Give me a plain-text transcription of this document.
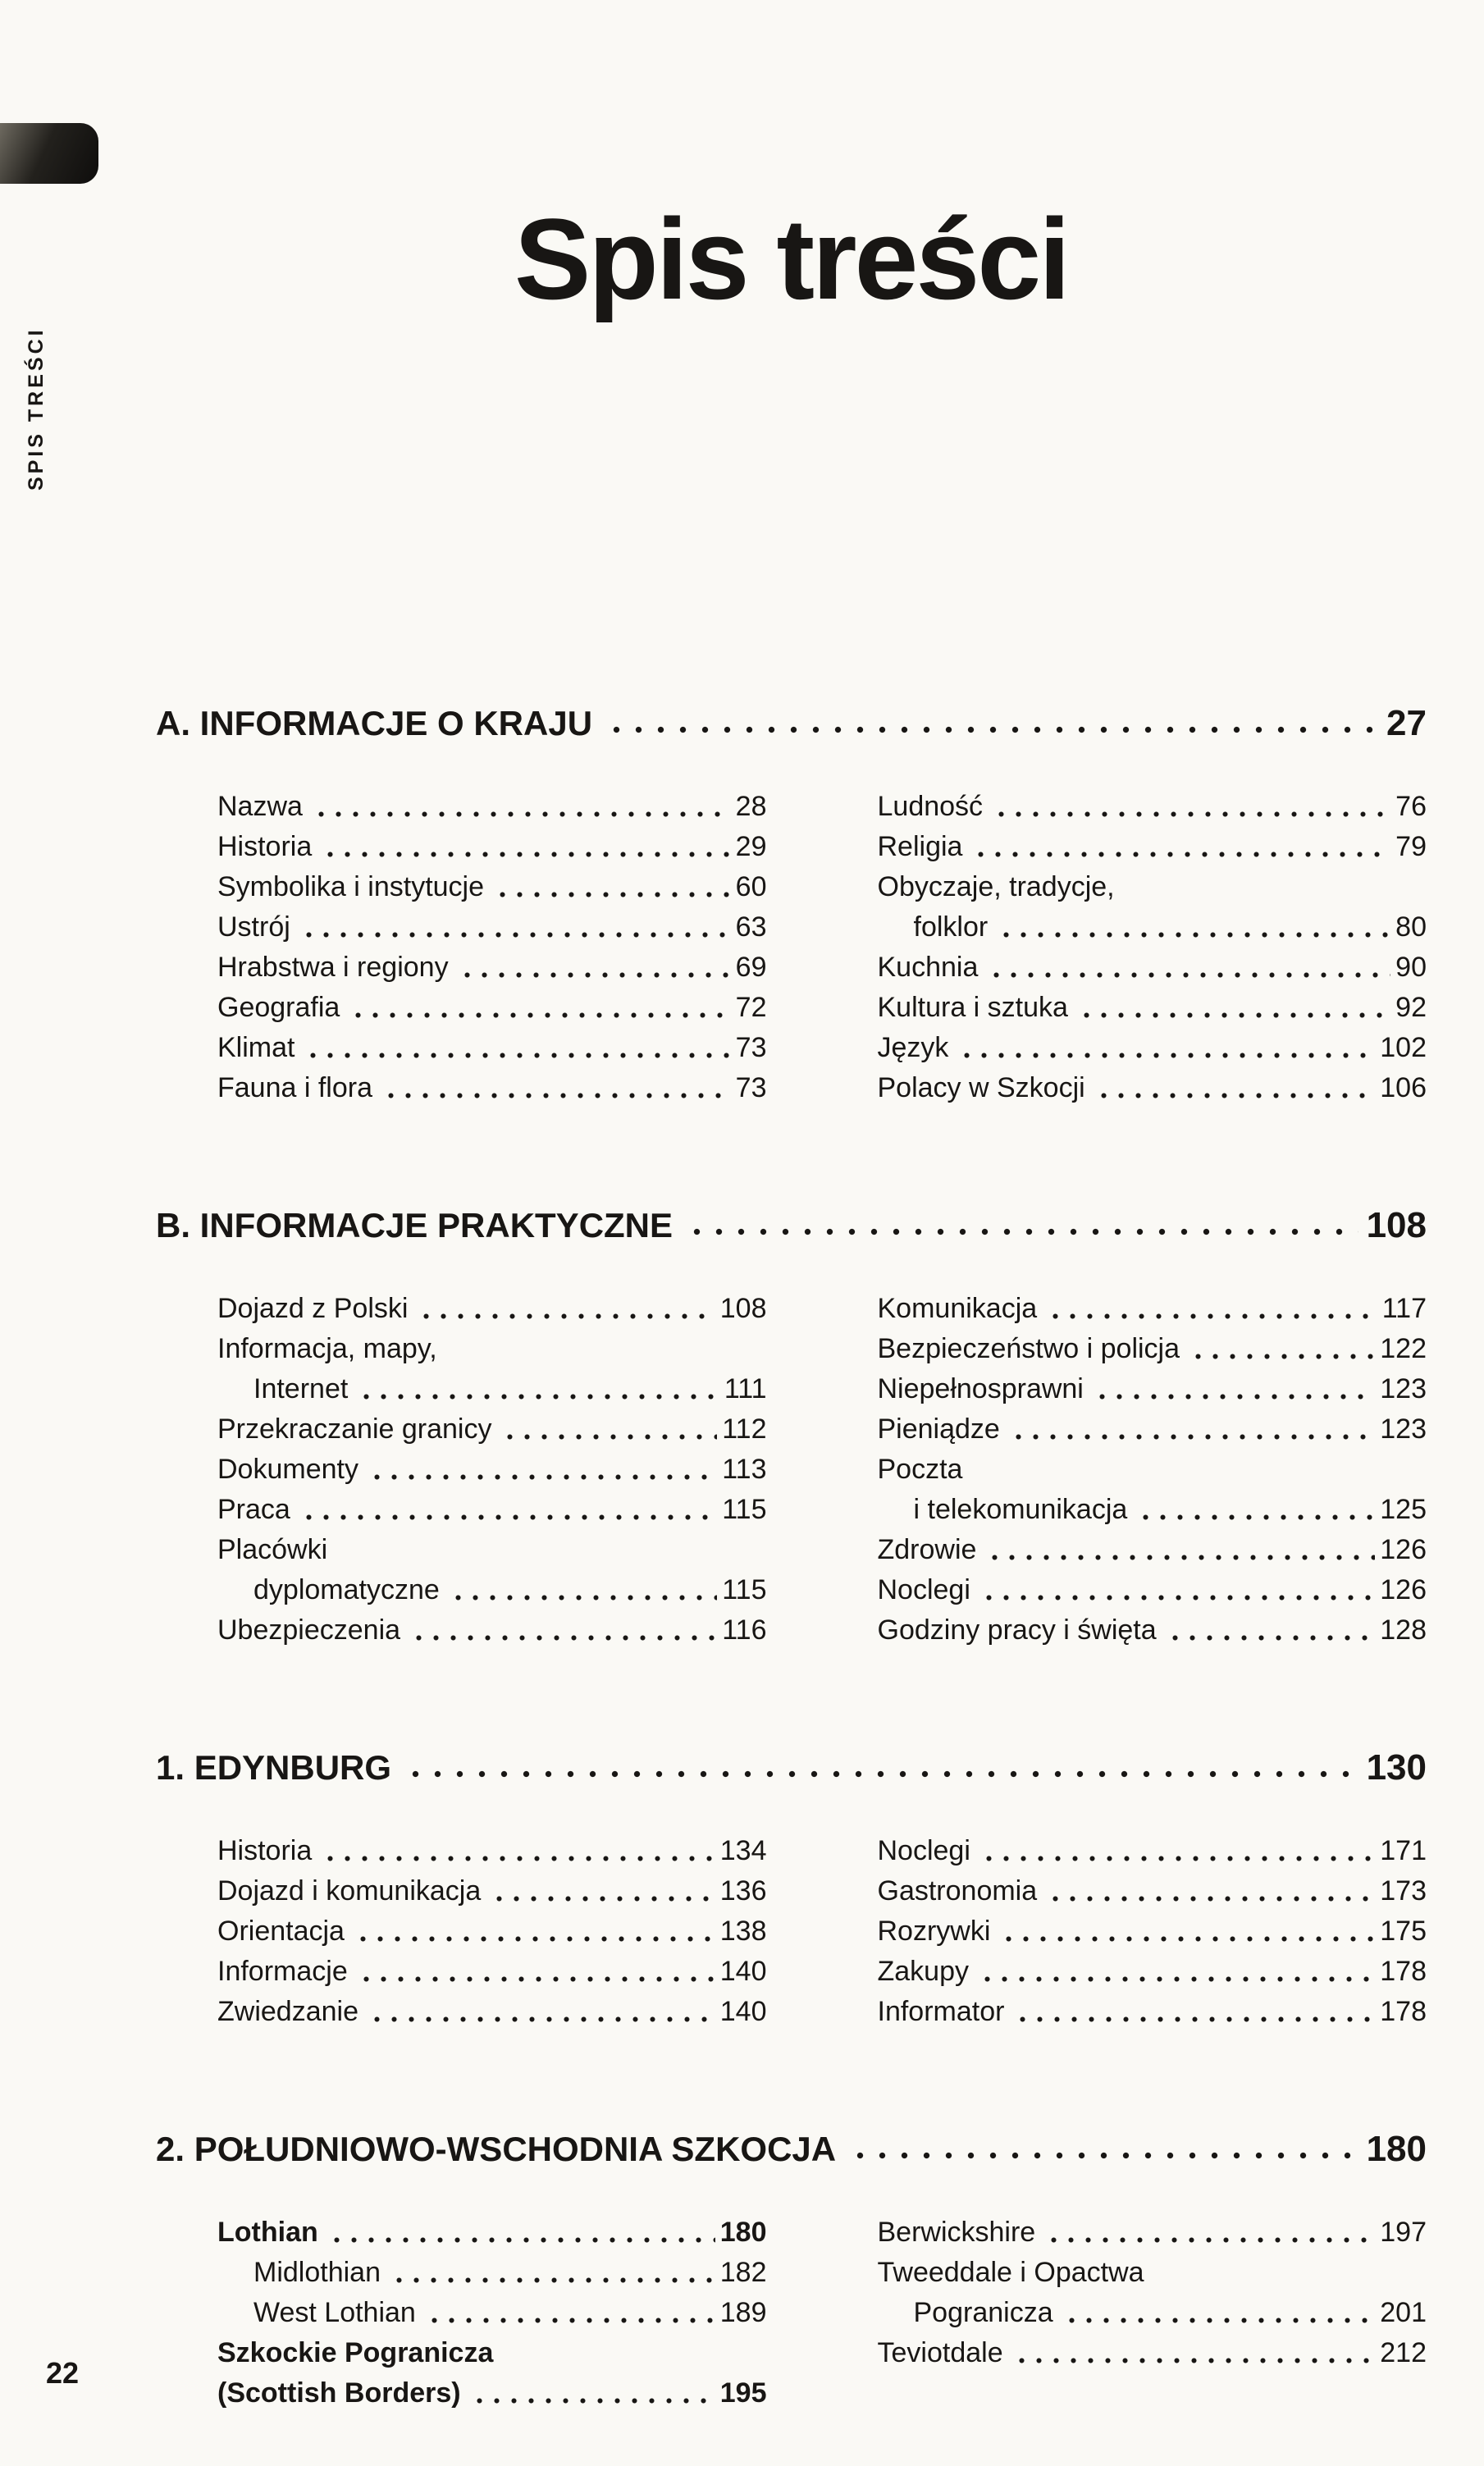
SPIS TREŚCI
Spis treści
A. INFORMACJE O KRAJU	27
Nazwa	28
Historia	29
Symbolika i instytucje	60
Ustrój	63
Hrabstwa i regiony	69
Geografia	72
Klimat	73
Fauna i flora	73
Ludność	76
Religia	79
Obyczaje, tradycje,
folklor	80
Kuchnia	90
Kultura i sztuka	92
Język	102
Polacy w Szkocji	106
B. INFORMACJE PRAKTYCZNE	108
Dojazd z Polski	108
Informacja, mapy,
Internet	111
Przekraczanie granicy	112
Dokumenty	113
Praca	115
Placówki
dyplomatyczne	115
Ubezpieczenia	116
Komunikacja	117
Bezpieczeństwo i policja	122
Niepełnosprawni	123
Pieniądze	123
Poczta
i telekomunikacja	125
Zdrowie	126
Noclegi	126
Godziny pracy i święta	128
1. EDYNBURG	130
Historia	134
Dojazd i komunikacja	136
Orientacja	138
Informacje	140
Zwiedzanie	140
Noclegi	171
Gastronomia	173
Rozrywki	175
Zakupy	178
Informator	178
2. POŁUDNIOWO-WSCHODNIA SZKOCJA	180
Lothian	180
Midlothian	182
West Lothian	189
Szkockie Pogranicza
(Scottish Borders)	195
Berwickshire	197
Tweeddale i Opactwa
Pogranicza	201
Teviotdale	212
22
